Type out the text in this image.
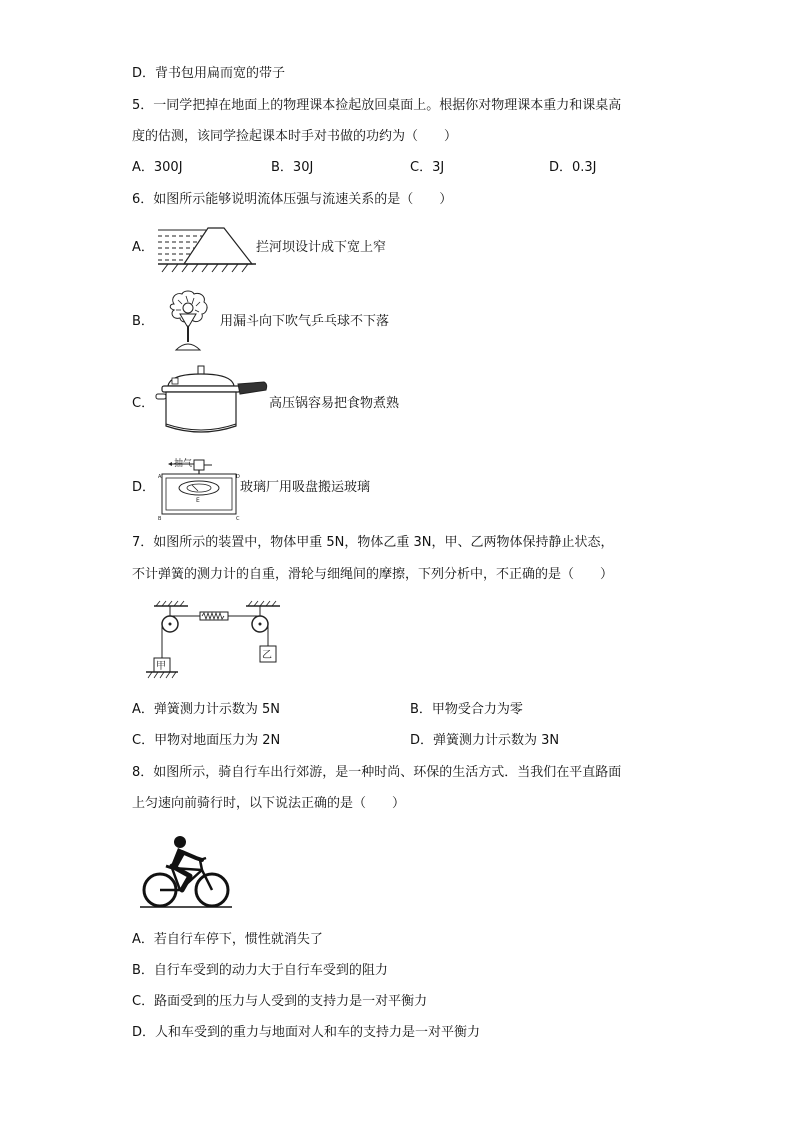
D．背书包用扁而宽的带子
5．一同学把掉在地面上的物理课本捡起放回桌面上。根据你对物理课本重力和课桌高
度的估测，该同学捡起课本时手对书做的功约为（　　）
A．300J	B．30J	C．3J	D．0.3J
6．如图所示能够说明流体压强与流速关系的是（　　）
A．	拦河坝设计成下宽上窄
B．	用漏斗向下吹气乒乓球不下落
C．	高压锅容易把食物煮熟
D．
抽气
E
A	D
B	C
玻璃厂用吸盘搬运玻璃
7．如图所示的装置中，物体甲重 5N，物体乙重 3N，甲、乙两物体保持静止状态，
不计弹簧的测力计的自重，滑轮与细绳间的摩擦，下列分析中，不正确的是（　　）
甲
乙
A．弹簧测力计示数为 5N	B．甲物受合力为零
C．甲物对地面压力为 2N	D．弹簧测力计示数为 3N
8．如图所示，骑自行车出行郊游，是一种时尚、环保的生活方式．当我们在平直路面
上匀速向前骑行时，以下说法正确的是（　　）
A．若自行车停下，惯性就消失了
B．自行车受到的动力大于自行车受到的阻力
C．路面受到的压力与人受到的支持力是一对平衡力
D．人和车受到的重力与地面对人和车的支持力是一对平衡力
